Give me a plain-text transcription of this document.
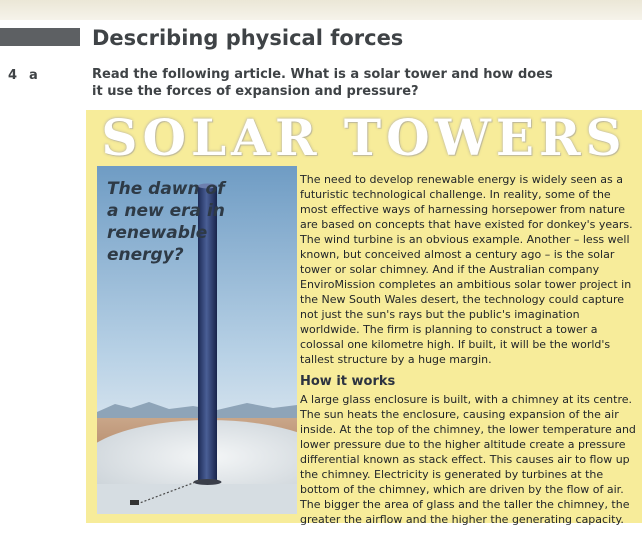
Describing physical forces
4 a	Read the following article. What is a solar tower and how does it use the forces of expansion and pressure?
SOLAR TOWERS
The dawn of a new era in renewable energy?

The need to develop renewable energy is widely seen as a futuristic technological challenge. In reality, some of the most effective ways of harnessing horsepower from nature are based on concepts that have existed for donkey's years. The wind turbine is an obvious example. Another – less well known, but conceived almost a century ago – is the solar tower or solar chimney. And if the Australian company EnviroMission completes an ambitious solar tower project in the New South Wales desert, the technology could capture not just the sun's rays but the public's imagination worldwide. The firm is planning to construct a tower a colossal one kilometre high. If built, it will be the world's tallest structure by a huge margin.

How it works

A large glass enclosure is built, with a chimney at its centre. The sun heats the enclosure, causing expansion of the air inside. At the top of the chimney, the lower temperature and lower pressure due to the higher altitude create a pressure differential known as stack effect. This causes air to flow up the chimney. Electricity is generated by turbines at the bottom of the chimney, which are driven by the flow of air. The bigger the area of glass and the taller the chimney, the greater the airflow and the higher the generating capacity.
